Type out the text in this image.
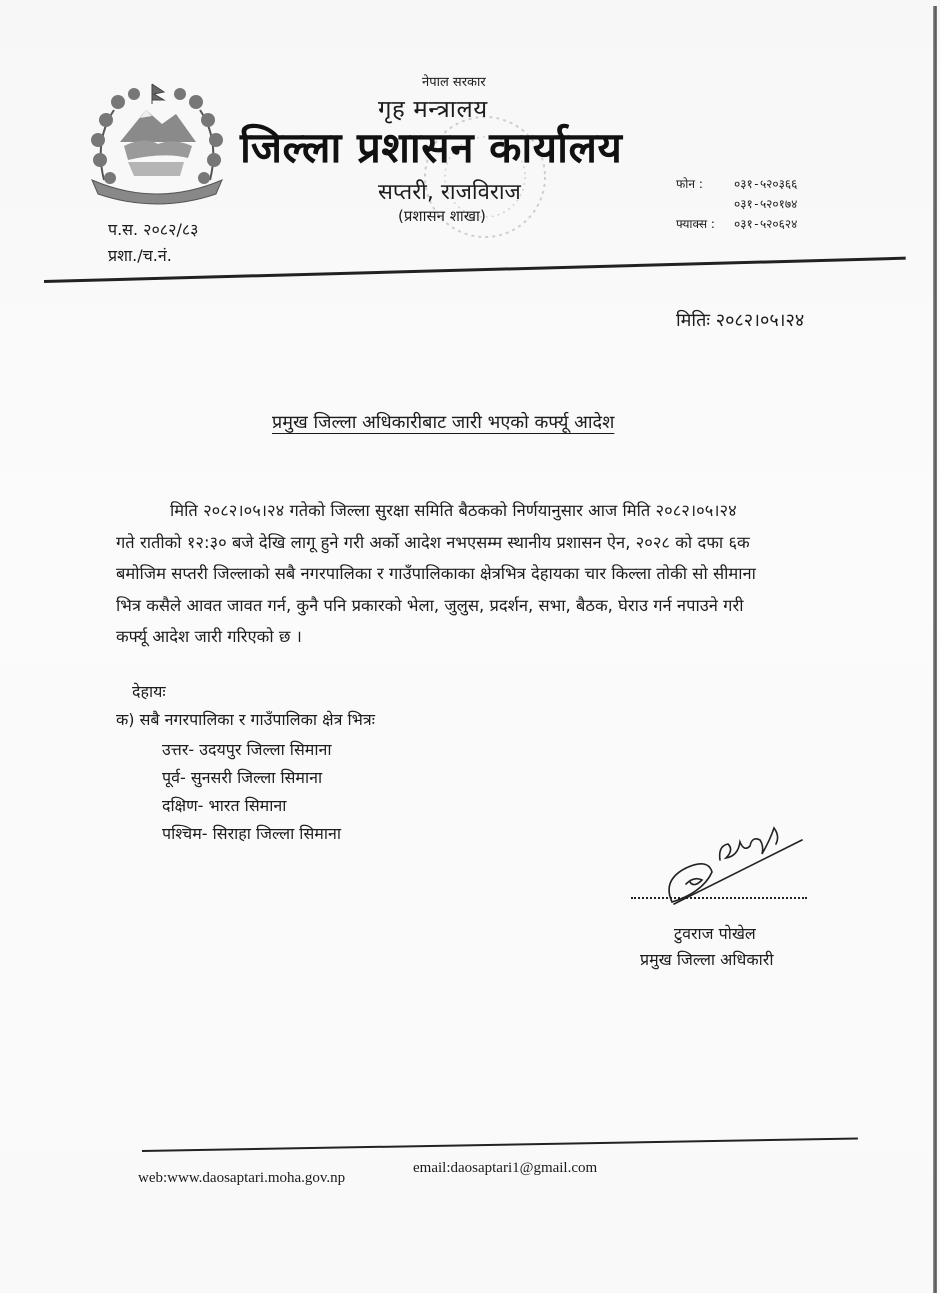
नेपाल सरकार
गृह मन्त्रालय
जिल्ला प्रशासन कार्यालय
सप्तरी, राजविराज
(प्रशासन शाखा)
प.स. २०८२/८३
प्रशा./च.नं.
फोन :	०३१-५२०३६६
०३१-५२०१७४
फ्याक्स :	०३१-५२०६२४
मितिः २०८२।०५।२४
प्रमुख जिल्ला अधिकारीबाट जारी भएको कर्फ्यू आदेश
मिति २०८२।०५।२४ गतेको जिल्ला सुरक्षा समिति बैठकको निर्णयानुसार आज मिति २०८२।०५।२४
गते रातीको १२:३० बजे देखि लागू हुने गरी अर्को आदेश नभएसम्म स्थानीय प्रशासन ऐन, २०२८ को दफा ६क
बमोजिम सप्तरी जिल्लाको सबै नगरपालिका र गाउँपालिकाका क्षेत्रभित्र देहायका चार किल्ला तोकी सो सीमाना
भित्र कसैले आवत जावत गर्न, कुनै पनि प्रकारको भेला, जुलुस, प्रदर्शन, सभा, बैठक, घेराउ गर्न नपाउने गरी
कर्फ्यू आदेश जारी गरिएको छ ।
देहायः
क) सबै नगरपालिका र गाउँपालिका क्षेत्र भित्रः
उत्तर- उदयपुर जिल्ला सिमाना
पूर्व- सुनसरी जिल्ला सिमाना
दक्षिण- भारत सिमाना
पश्चिम- सिराहा जिल्ला सिमाना
टुवराज पोखेल
प्रमुख जिल्ला अधिकारी
web:www.daosaptari.moha.gov.np
email:daosaptari1@gmail.com
